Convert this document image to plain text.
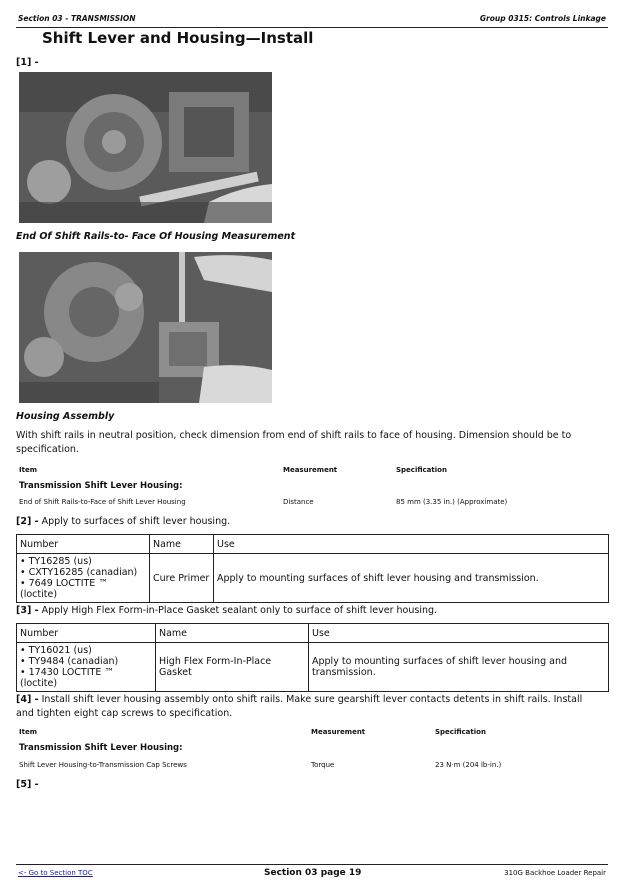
Section 03 - TRANSMISSION	Group 0315: Controls Linkage
Shift Lever and Housing—Install
[1] -
End Of Shift Rails-to- Face Of Housing Measurement
Housing Assembly
With shift rails in neutral position, check dimension from end of shift rails to face of housing. Dimension should be to specification.
Item	Measurement	Specification
Transmission Shift Lever Housing:
End of Shift Rails-to-Face of Shift Lever Housing	Distance	85 mm (3.35 in.) (Approximate)
[2] - Apply to surfaces of shift lever housing.
Number	Name	Use

• TY16285 (us)
• CXTY16285 (canadian)
• 7649 LOCTITE ™ (loctite)	Cure Primer	Apply to mounting surfaces of shift lever housing and transmission.
[3] - Apply High Flex Form-in-Place Gasket sealant only to surface of shift lever housing.
Number	Name	Use

• TY16021 (us)
• TY9484 (canadian)
• 17430 LOCTITE ™ (loctite)	High Flex Form-In-Place Gasket	Apply to mounting surfaces of shift lever housing and transmission.
[4] - Install shift lever housing assembly onto shift rails. Make sure gearshift lever contacts detents in shift rails. Install and tighten eight cap screws to specification.
Item	Measurement	Specification
Transmission Shift Lever Housing:
Shift Lever Housing-to-Transmission Cap Screws	Torque	23 N·m (204 lb-in.)
[5] -
<- Go to Section TOC	Section 03 page 19	310G Backhoe Loader Repair
